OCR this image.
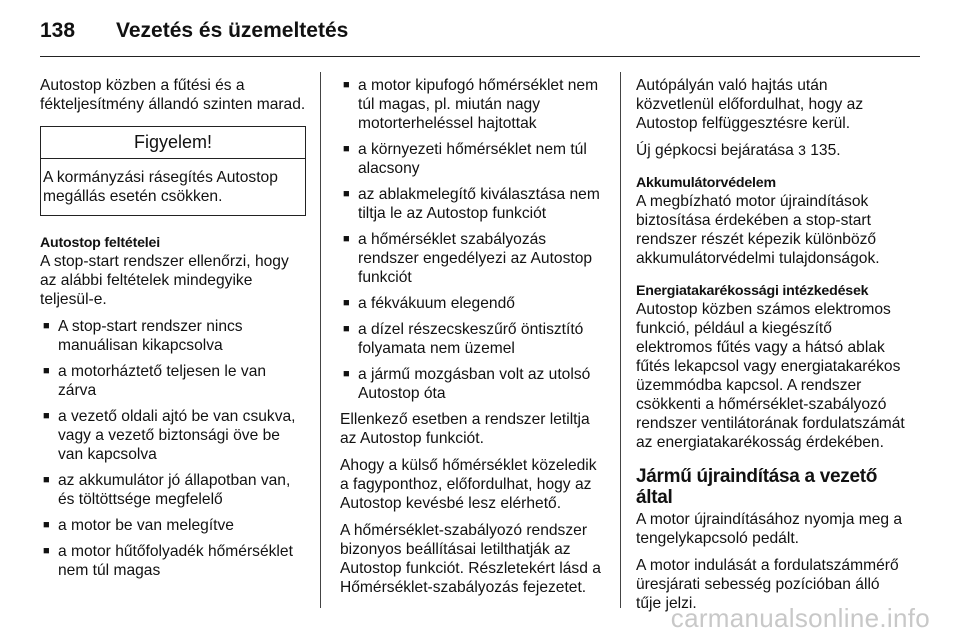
138	Vezetés és üzemeltetés

Autostop közben a fűtési és a fékteljesítmény állandó szinten marad.

Figyelem!
A kormányzási rásegítés Autostop megállás esetén csökken.
Autostop feltételei

A stop-start rendszer ellenőrzi, hogy az alábbi feltételek mindegyike teljesül-e.

■ A stop-start rendszer nincs manuálisan kikapcsolva
■ a motorháztető teljesen le van zárva
■ a vezető oldali ajtó be van csukva, vagy a vezető biztonsági öve be van kapcsolva
■ az akkumulátor jó állapotban van, és töltöttsége megfelelő
■ a motor be van melegítve
■ a motor hűtőfolyadék hőmérséklet nem túl magas
■ a motor kipufogó hőmérséklet nem túl magas, pl. miután nagy motorterheléssel hajtottak
■ a környezeti hőmérséklet nem túl alacsony
■ az ablakmelegítő kiválasztása nem tiltja le az Autostop funkciót
■ a hőmérséklet szabályozás rendszer engedélyezi az Autostop funkciót
■ a fékvákuum elegendő
■ a dízel részecskeszűrő öntisztító folyamata nem üzemel
■ a jármű mozgásban volt az utolsó Autostop óta

Ellenkező esetben a rendszer letiltja az Autostop funkciót.

Ahogy a külső hőmérséklet közeledik a fagyponthoz, előfordulhat, hogy az Autostop kevésbé lesz elérhető.

A hőmérséklet-szabályozó rendszer bizonyos beállításai letilthatják az Autostop funkciót. Részletekért lásd a Hőmérséklet-szabályozás fejezetet.

Autópályán való hajtás után közvetlenül előfordulhat, hogy az Autostop felfüggesztésre kerül.

Új gépkocsi bejáratása 3 135.

Akkumulátorvédelem

A megbízható motor újraindítások biztosítása érdekében a stop-start rendszer részét képezik különböző akkumulátorvédelmi tulajdonságok.

Energiatakarékossági intézkedések

Autostop közben számos elektromos funkció, például a kiegészítő elektromos fűtés vagy a hátsó ablak fűtés lekapcsol vagy energiatakarékos üzemmódba kapcsol. A rendszer csökkenti a hőmérséklet-szabályozó rendszer ventilátorának fordulatszámát az energiatakarékosság érdekében.

Jármű újraindítása a vezető által

A motor újraindításához nyomja meg a tengelykapcsoló pedált.

A motor indulását a fordulatszámmérő üresjárati sebesség pozícióban álló tűje jelzi.

carmanualsonline.info
